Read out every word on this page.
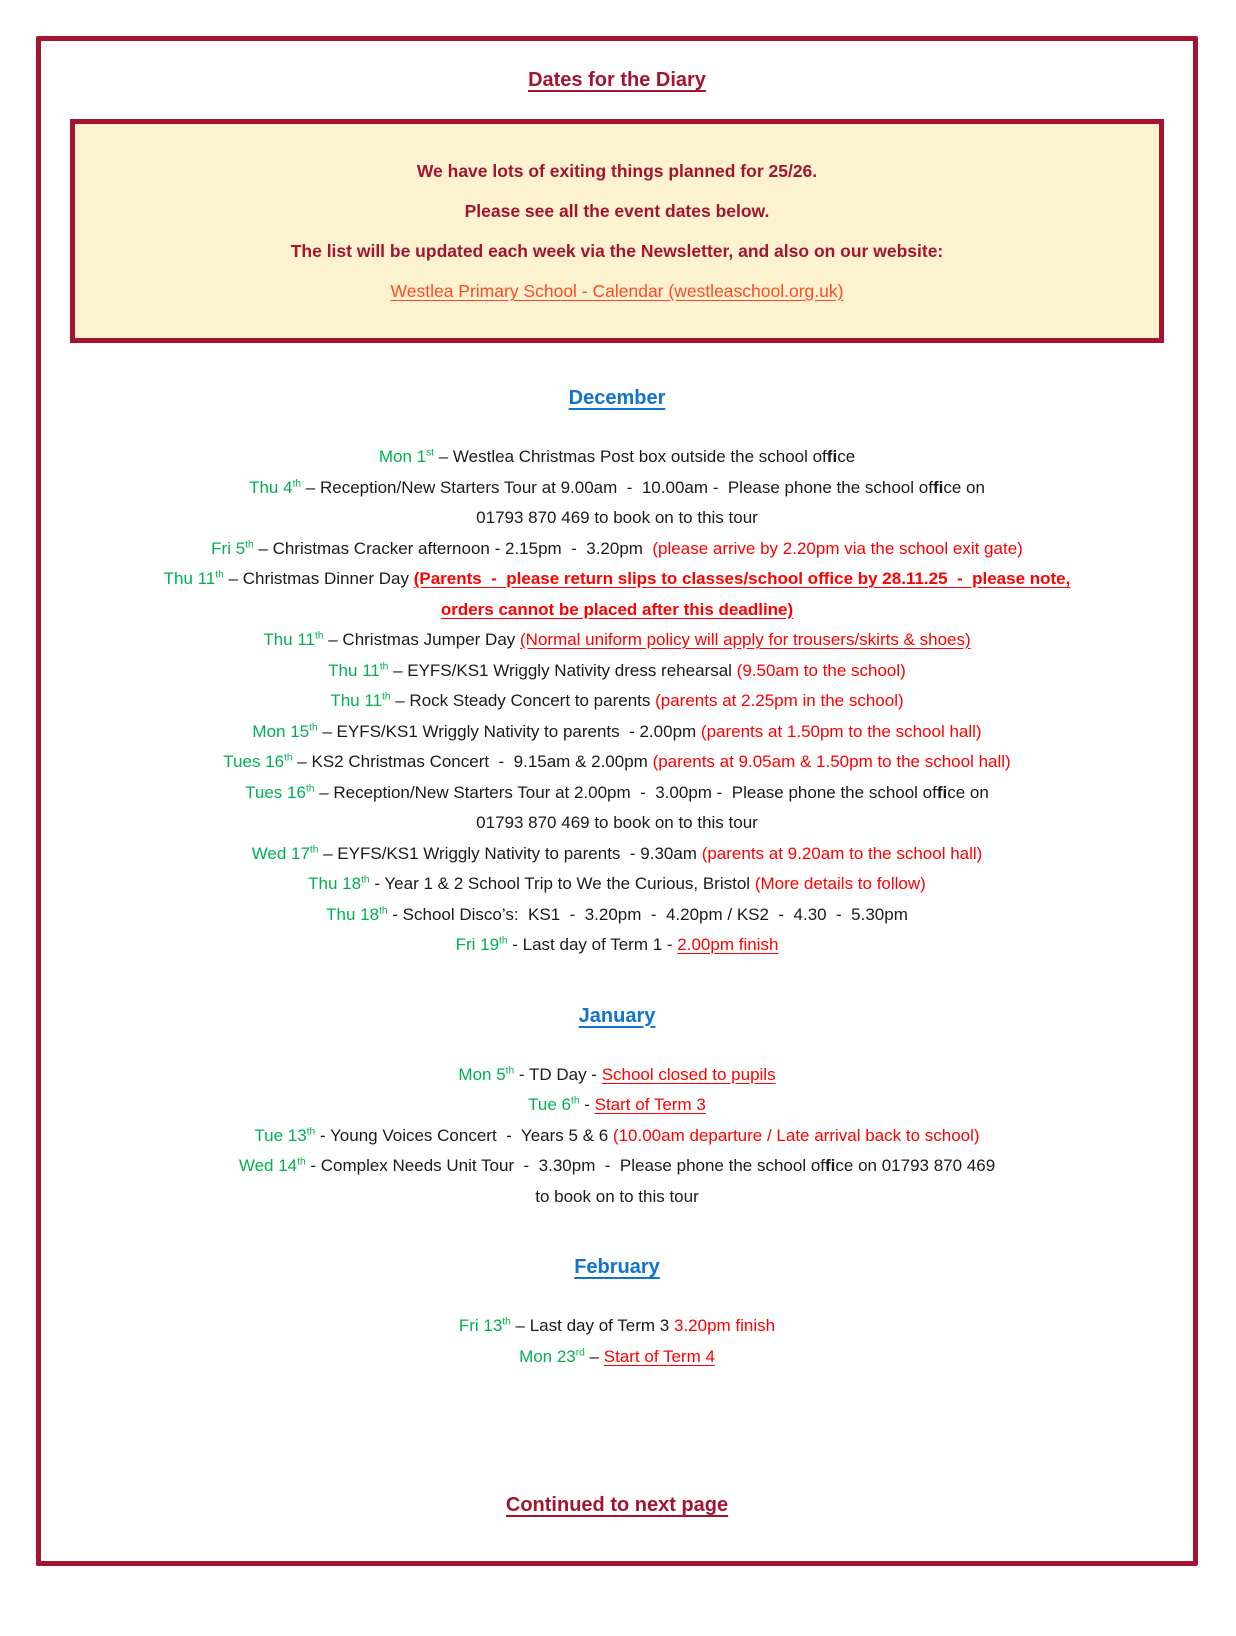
Dates for the Diary

We have lots of exiting things planned for 25/26.

Please see all the event dates below.

The list will be updated each week via the Newsletter, and also on our website:

Westlea Primary School - Calendar (westleaschool.org.uk)

December
Mon 1st – Westlea Christmas Post box outside the school office
Thu 4th – Reception/New Starters Tour at 9.00am  -  10.00am -  Please phone the school office on
01793 870 469 to book on to this tour
Fri 5th – Christmas Cracker afternoon - 2.15pm  -  3.20pm  (please arrive by 2.20pm via the school exit gate)
Thu 11th – Christmas Dinner Day (Parents  -  please return slips to classes/school office by 28.11.25  -  please note,
orders cannot be placed after this deadline)
Thu 11th – Christmas Jumper Day (Normal uniform policy will apply for trousers/skirts & shoes)
Thu 11th – EYFS/KS1 Wriggly Nativity dress rehearsal (9.50am to the school)
Thu 11th – Rock Steady Concert to parents (parents at 2.25pm in the school)
Mon 15th – EYFS/KS1 Wriggly Nativity to parents  - 2.00pm (parents at 1.50pm to the school hall)
Tues 16th – KS2 Christmas Concert  -  9.15am & 2.00pm (parents at 9.05am & 1.50pm to the school hall)
Tues 16th – Reception/New Starters Tour at 2.00pm  -  3.00pm -  Please phone the school office on
01793 870 469 to book on to this tour
Wed 17th – EYFS/KS1 Wriggly Nativity to parents  - 9.30am (parents at 9.20am to the school hall)
Thu 18th - Year 1 & 2 School Trip to We the Curious, Bristol (More details to follow)
Thu 18th - School Disco’s:  KS1  -  3.20pm  -  4.20pm / KS2  -  4.30  -  5.30pm
Fri 19th - Last day of Term 1 - 2.00pm finish
January
Mon 5th - TD Day - School closed to pupils
Tue 6th - Start of Term 3
Tue 13th - Young Voices Concert  -  Years 5 & 6 (10.00am departure / Late arrival back to school)
Wed 14th - Complex Needs Unit Tour  -  3.30pm  -  Please phone the school office on 01793 870 469
to book on to this tour
February
Fri 13th – Last day of Term 3 3.20pm finish
Mon 23rd – Start of Term 4
Continued to next page
